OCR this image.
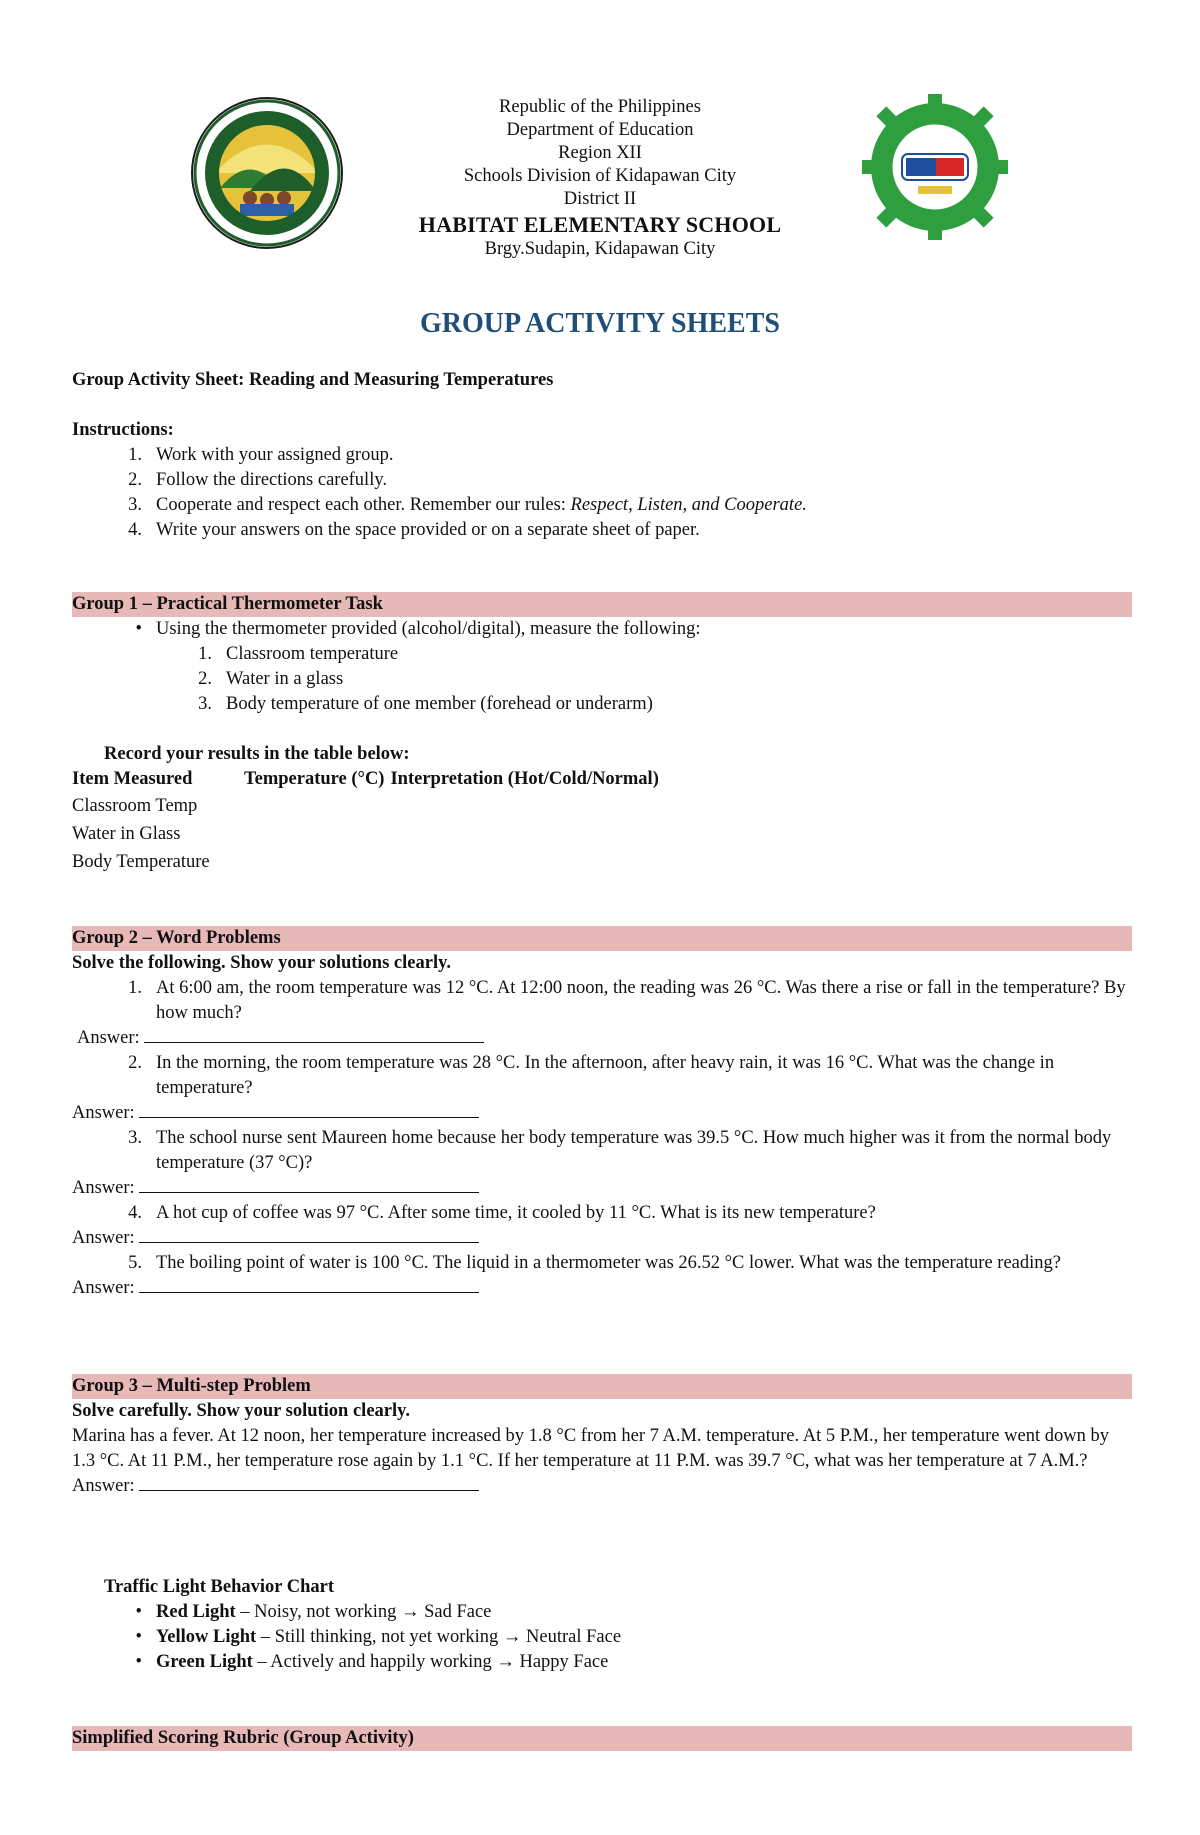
Republic of the Philippines
Department of Education
Region XII
Schools Division of Kidapawan City
District II
HABITAT ELEMENTARY SCHOOL
Brgy.Sudapin, Kidapawan City
GROUP ACTIVITY SHEETS
Group Activity Sheet: Reading and Measuring Temperatures
Instructions:
1. Work with your assigned group.
2. Follow the directions carefully.
3. Cooperate and respect each other. Remember our rules: Respect, Listen, and Cooperate.
4. Write your answers on the space provided or on a separate sheet of paper.
Group 1 – Practical Thermometer Task
• Using the thermometer provided (alcohol/digital), measure the following:
1. Classroom temperature
2. Water in a glass
3. Body temperature of one member (forehead or underarm)
Record your results in the table below:
Item Measured	Temperature (°C) Interpretation (Hot/Cold/Normal)
Classroom Temp
Water in Glass
Body Temperature
Group 2 – Word Problems
Solve the following. Show your solutions clearly.
1. At 6:00 am, the room temperature was 12 °C. At 12:00 noon, the reading was 26 °C. Was there a rise or fall in the temperature? By how much?
Answer:
2. In the morning, the room temperature was 28 °C. In the afternoon, after heavy rain, it was 16 °C. What was the change in temperature?
Answer:
3. The school nurse sent Maureen home because her body temperature was 39.5 °C. How much higher was it from the normal body temperature (37 °C)?
Answer:
4. A hot cup of coffee was 97 °C. After some time, it cooled by 11 °C. What is its new temperature?
Answer:
5. The boiling point of water is 100 °C. The liquid in a thermometer was 26.52 °C lower. What was the temperature reading?
Answer:
Group 3 – Multi-step Problem
Solve carefully. Show your solution clearly.
Marina has a fever. At 12 noon, her temperature increased by 1.8 °C from her 7 A.M. temperature. At 5 P.M., her temperature went down by 1.3 °C. At 11 P.M., her temperature rose again by 1.1 °C. If her temperature at 11 P.M. was 39.7 °C, what was her temperature at 7 A.M.?
Answer:
Traffic Light Behavior Chart
• Red Light – Noisy, not working → Sad Face
• Yellow Light – Still thinking, not yet working → Neutral Face
• Green Light – Actively and happily working → Happy Face
Simplified Scoring Rubric (Group Activity)
